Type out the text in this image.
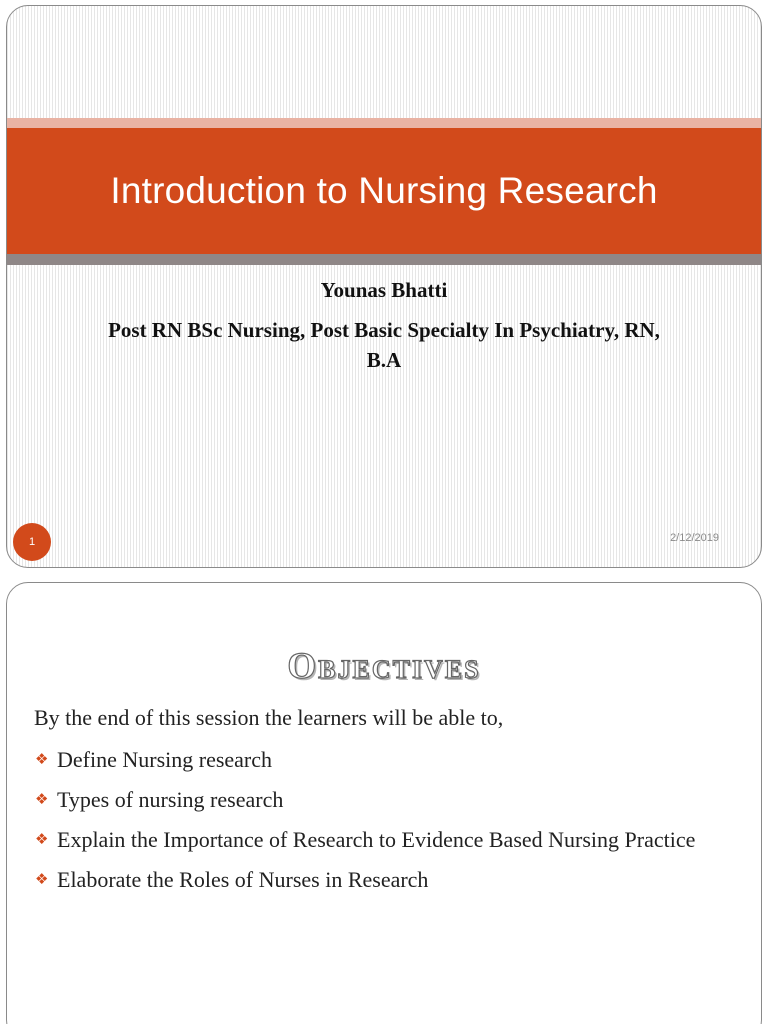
Introduction to Nursing Research

Younas Bhatti

Post RN BSc Nursing, Post Basic Specialty In Psychiatry, RN, B.A

1	2/12/2019
Objectives

By the end of this session the learners will be able to,

❖ Define Nursing research
❖ Types of nursing research
❖ Explain the Importance of Research to Evidence Based Nursing Practice
❖ Elaborate the Roles of Nurses in Research
